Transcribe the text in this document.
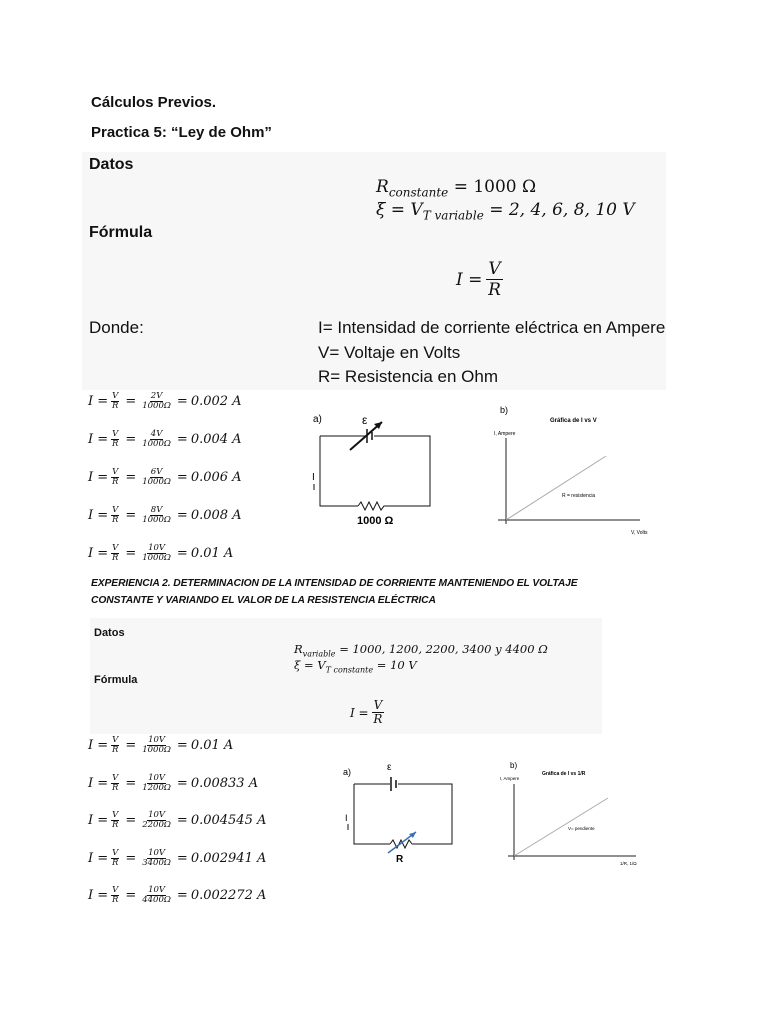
Cálculos Previos.
Practica 5: “Ley de Ohm”
Datos
$R_{constante} = 1000$ Ω
$\xi = V_{T variable} = 2$, 4, 6, 8, 10 V
Fórmula
$I = \frac{V}{R}$
Donde:	I= Intensidad de corriente eléctrica en Ampere
V= Voltaje en Volts
R= Resistencia en Ohm
$I = \frac{V}{R} = \frac{2V}{1000\Omega} = 0.002$ A
$I = \frac{V}{R} = \frac{4V}{1000\Omega} = 0.004$ A
$I = \frac{V}{R} = \frac{6V}{1000\Omega} = 0.006$ A
$I = \frac{V}{R} = \frac{8V}{1000\Omega} = 0.008$ A
$I = \frac{V}{R} = \frac{10V}{1000\Omega} = 0.01$ A
a)	ε
1000 Ω
I
b)
Gráfica de I vs V
I, Ampere
R = resistencia
V, Volts
EXPERIENCIA 2. DETERMINACION DE LA INTENSIDAD DE CORRIENTE MANTENIENDO EL VOLTAJE
CONSTANTE Y VARIANDO EL VALOR DE LA RESISTENCIA ELÉCTRICA
Datos
$R_{variable} = 1000$, 1200, 2200, 3400 y 4400 Ω
$\xi = V_{T constante} = 10$ V
Fórmula
$I = \frac{V}{R}$
$I = \frac{V}{R} = \frac{10V}{1000\Omega} = 0.01$ A
$I = \frac{V}{R} = \frac{10V}{1200\Omega} = 0.00833$ A
$I = \frac{V}{R} = \frac{10V}{2200\Omega} = 0.004545$ A
$I = \frac{V}{R} = \frac{10V}{3400\Omega} = 0.002941$ A
$I = \frac{V}{R} = \frac{10V}{4400\Omega} = 0.002272$ A
a)	ε
R
I
b)
Gráfica de I vs 1/R
I, Ampere
V= pendiente
1/R, 1/Ω
